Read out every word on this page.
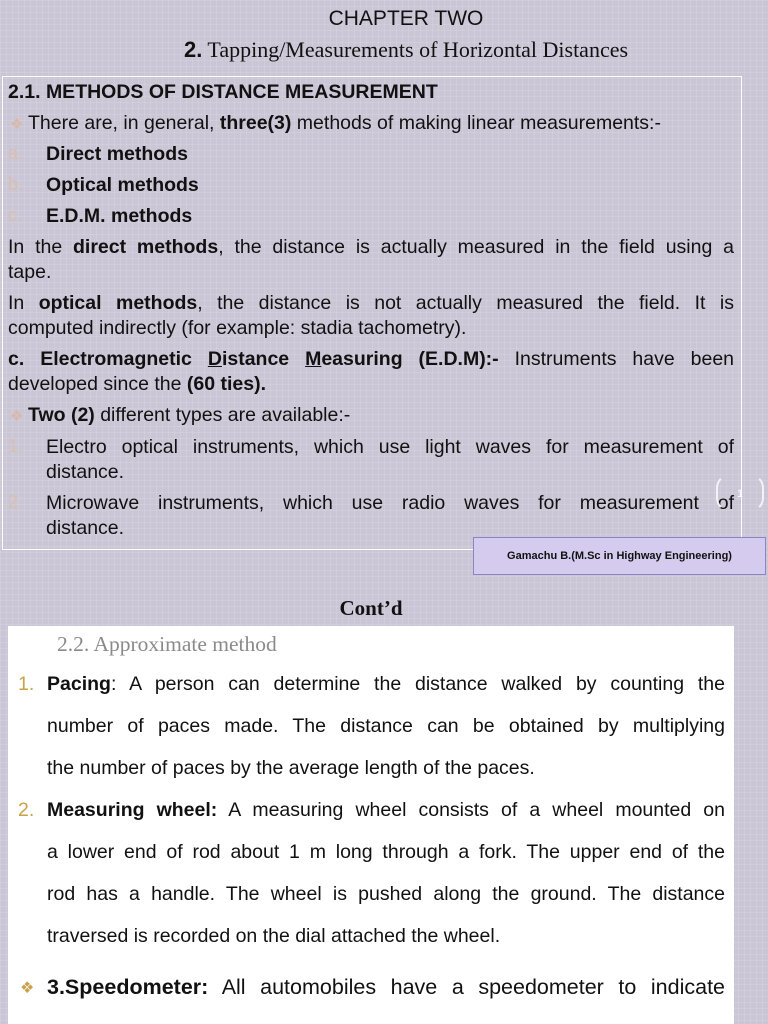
CHAPTER TWO
2. Tapping/Measurements of Horizontal Distances
2.1. METHODS OF DISTANCE MEASUREMENT
❖ There are, in general, three(3) methods of making linear measurements:-
a. Direct methods
b. Optical methods
c. E.D.M. methods
In the direct methods, the distance is actually measured in the field using a
tape.
In optical methods, the distance is not actually measured the field. It is
computed indirectly (for example: stadia tachometry).
c. Electromagnetic Distance Measuring (E.D.M):- Instruments have been
developed since the (60 ties).
❖ Two (2) different types are available:-
1. Electro optical instruments, which use light waves for measurement of
distance.
2. Microwave instruments, which use radio waves for measurement of
distance.
1
Gamachu B.(M.Sc in Highway Engineering)
Cont’d
2.2. Approximate method
1. Pacing: A person can determine the distance walked by counting the
number of paces made. The distance can be obtained by multiplying
the number of paces by the average length of the paces.
2. Measuring wheel: A measuring wheel consists of a wheel mounted on
a lower end of rod about 1 m long through a fork. The upper end of the
rod has a handle. The wheel is pushed along the ground. The distance
traversed is recorded on the dial attached the wheel.
❖ 3.Speedometer: All automobiles have a speedometer to indicate
